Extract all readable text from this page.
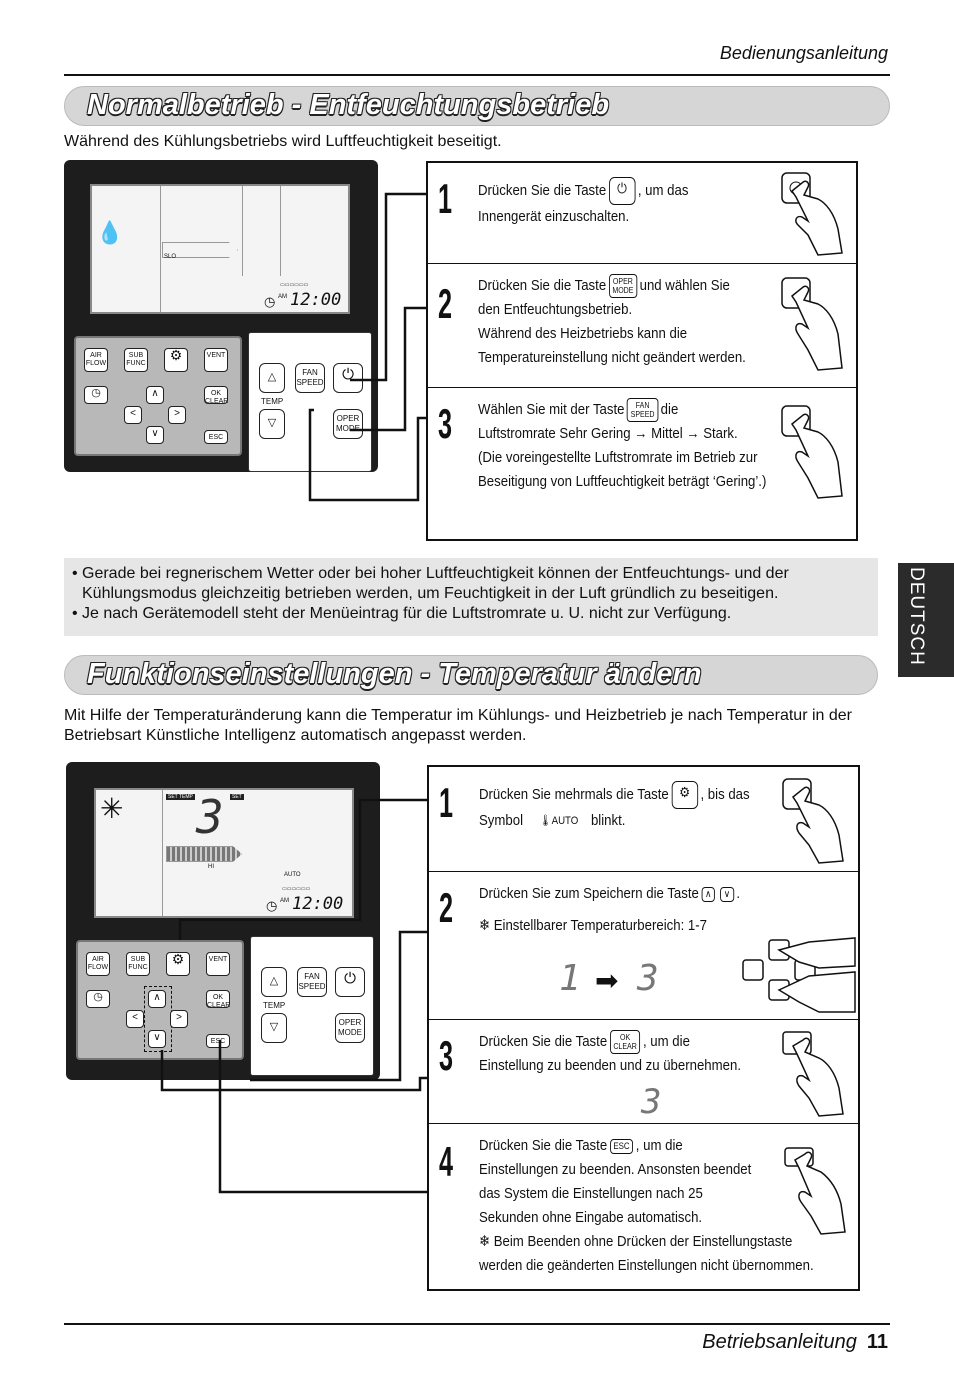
Bedienungsanleitung
Normalbetrieb - Entfeuchtungsbetrieb
Während des Kühlungsbetriebs wird Luftfeuchtigkeit beseitigt.
💧
SLO
▭▭▭▭▭▭
◷ AM 12:00
AIR FLOW
SUB FUNC
⚙	VENT
◷	∧
<	>
∨
OK CLEAR
ESC
△
TEMP
▽
FAN SPEED	⏻
OPER MODE
1 Drücken Sie die Taste ⏻ , um das
Innengerät einzuschalten.
2 Drücken Sie die Taste OPER
MODE und wählen Sie
den Entfeuchtungsbetrieb.
Während des Heizbetriebs kann die
Temperatureinstellung nicht geändert werden.
3 Wählen Sie mit der Taste FAN
SPEED die
Luftstromrate Sehr Gering → Mittel → Stark.
(Die voreingestellte Luftstromrate im Betrieb zur
Beseitigung von Luftfeuchtigkeit beträgt ‘Gering’.)
• Gerade bei regnerischem Wetter oder bei hoher Luftfeuchtigkeit können der Entfeuchtungs- und der Kühlungsmodus gleichzeitig betrieben werden, um Feuchtigkeit in der Luft gründlich zu beseitigen.
• Je nach Gerätemodell steht der Menüeintrag für die Luftstromrate u. U. nicht zur Verfügung.	DEUTSCH
Funktionseinstellungen - Temperatur ändern
Mit Hilfe der Temperaturänderung kann die Temperatur im Kühlungs- und Heizbetrieb je nach Temperatur in der Betriebsart Künstliche Intelligenz automatisch angepasst werden.
✳	SET TEMP	SET
3
HI
AUTO
▭▭▭▭▭▭
◷ AM 12:00
AIR FLOW
SUB FUNC
⚙	VENT
◷	∧
<	>
∨
OK CLEAR
ESC
△
TEMP
▽
FAN SPEED	⏻
OPER MODE
1 Drücken Sie mehrmals die Taste ⚙ , bis das
Symbol 🌡AUTO blinkt.
2 Drücken Sie zum Speichern die Taste ∧ ∨ .
❄ Einstellbarer Temperaturbereich: 1-7
1 ➡ 3
3 Drücken Sie die Taste OK
CLEAR , um die
Einstellung zu beenden und zu übernehmen.
3
4 Drücken Sie die Taste ESC , um die
Einstellungen zu beenden. Ansonsten beendet
das System die Einstellungen nach 25
Sekunden ohne Eingabe automatisch.
❄ Beim Beenden ohne Drücken der Einstellungstaste
werden die geänderten Einstellungen nicht übernommen.
Betriebsanleitung 11
